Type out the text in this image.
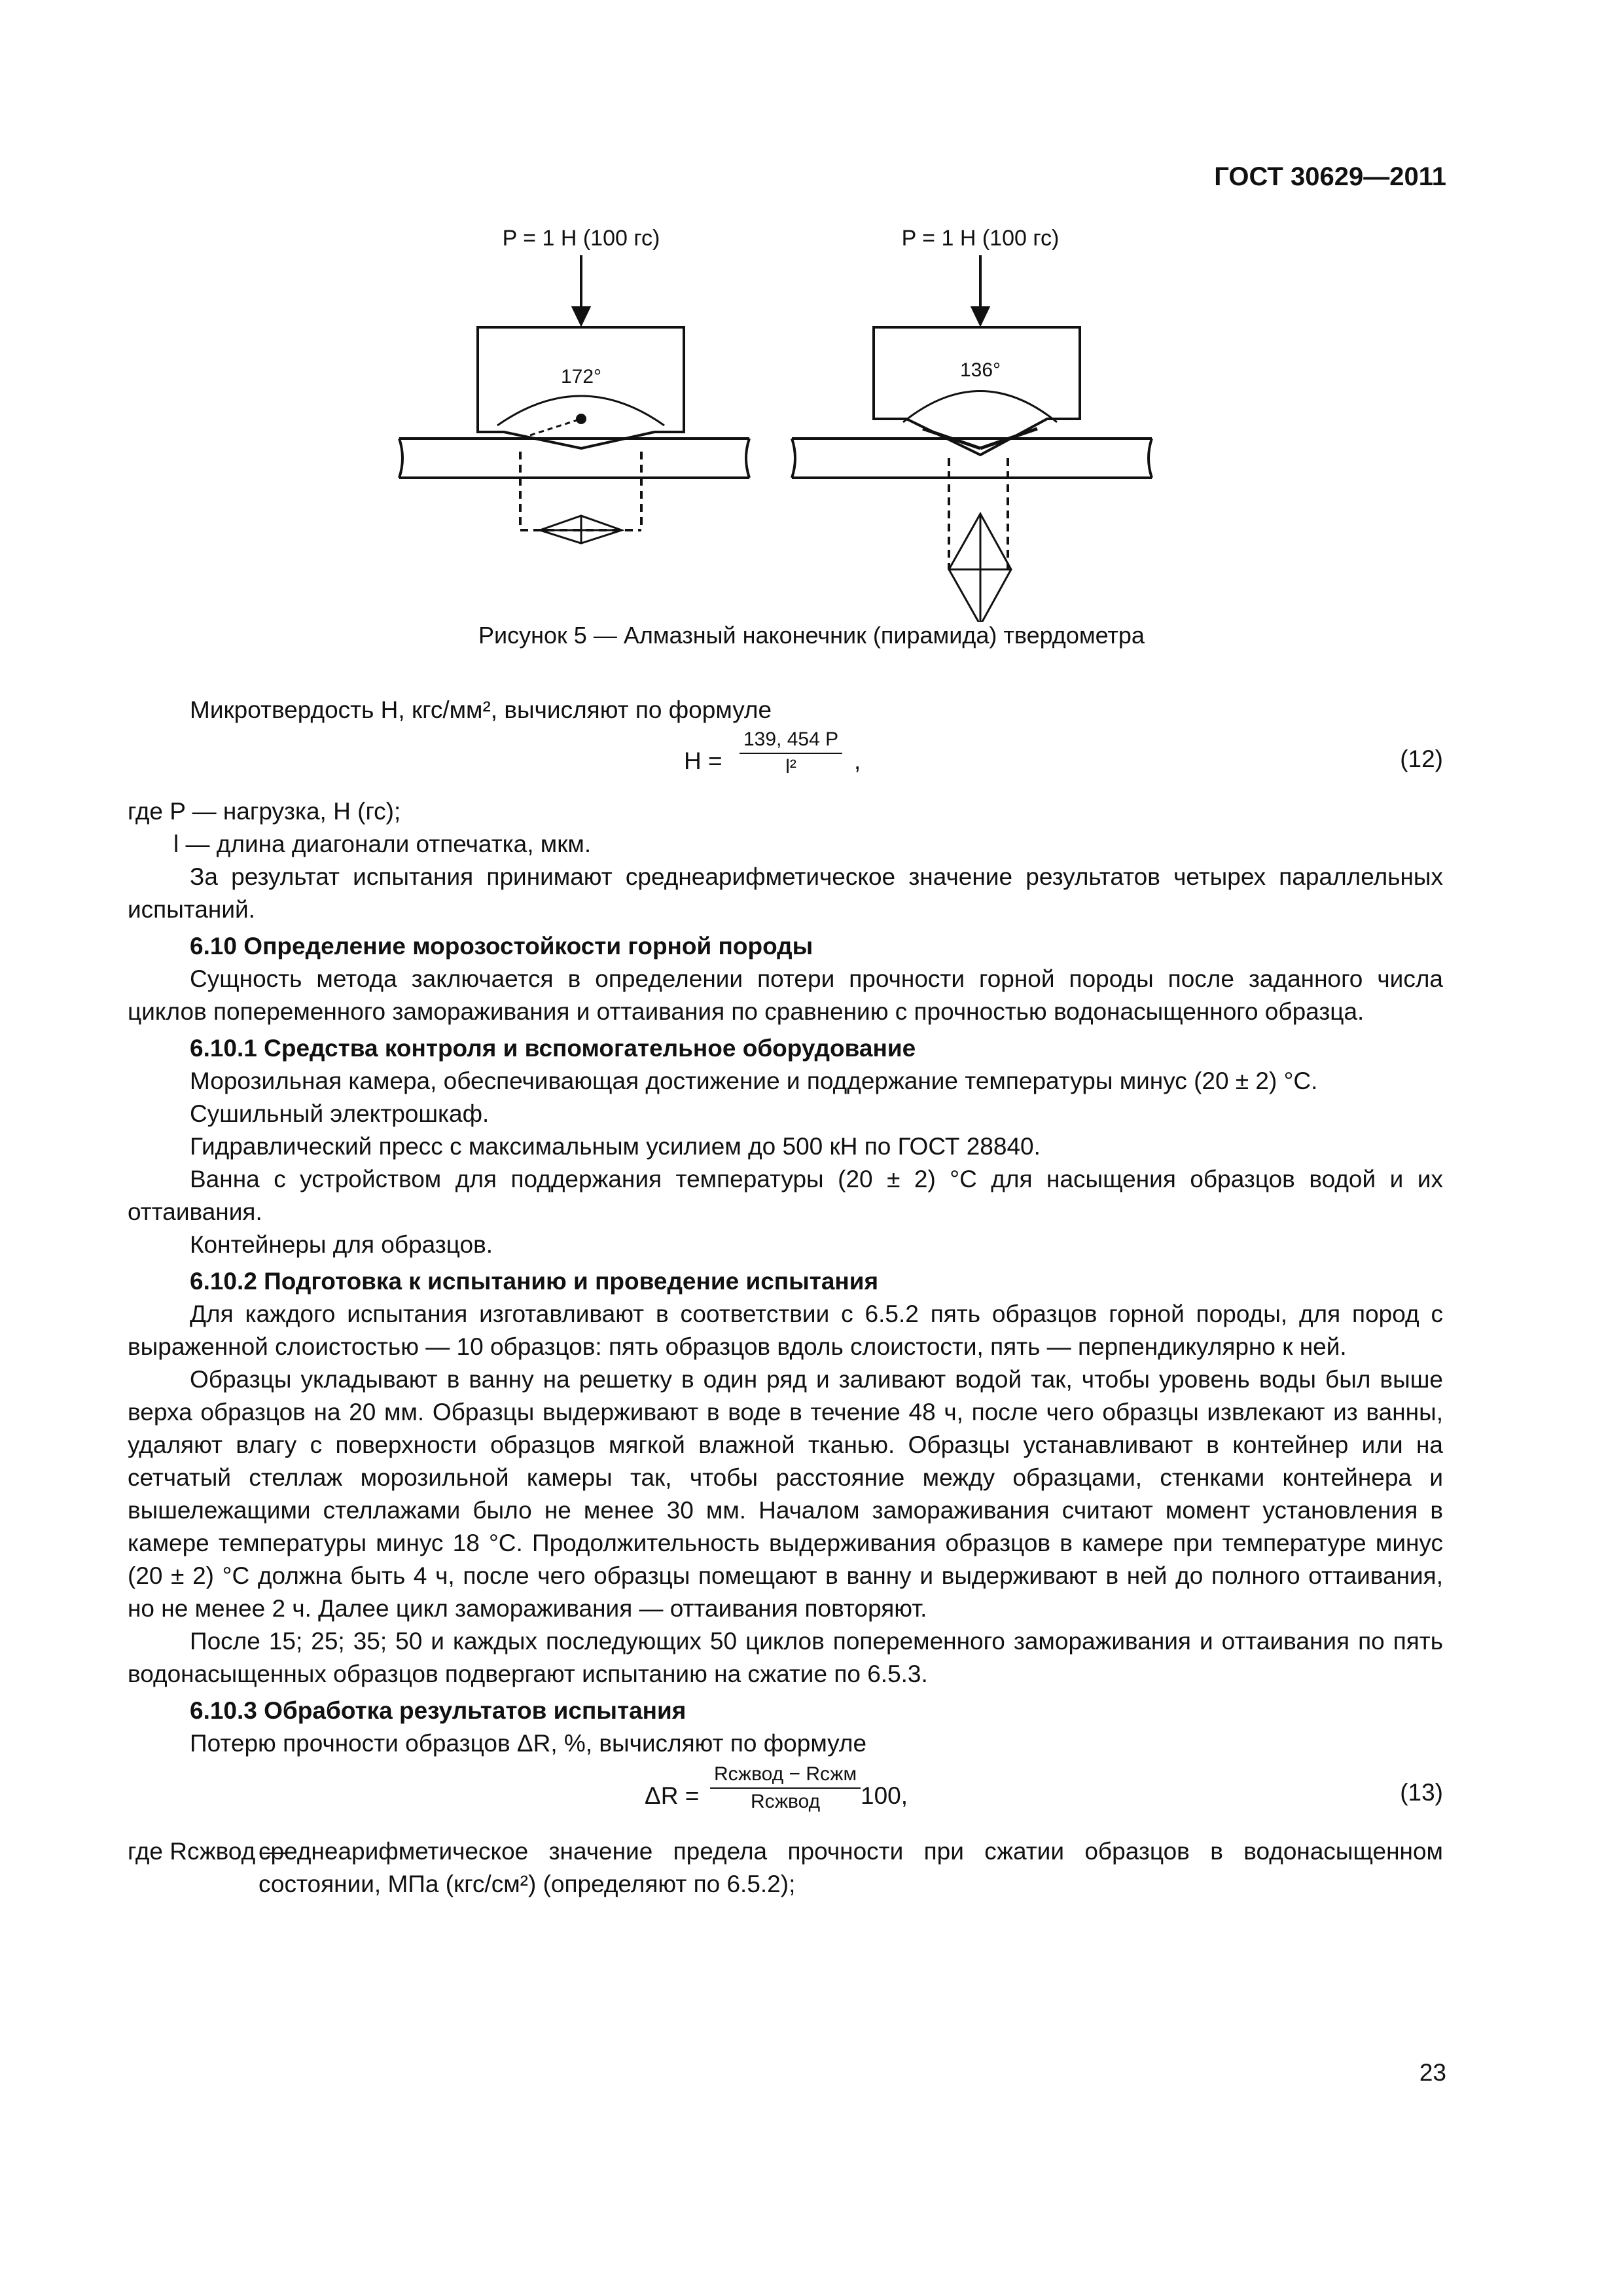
ГОСТ 30629—2011
P = 1 Н (100 гс)	P = 1 Н (100 гс)
172°	136°
Рисунок 5 — Алмазный наконечник (пирамида) твердометра

Микротвердость H, кгс/мм², вычисляют по формуле

$H = \frac{139, 454 P}{\text{l²}}$ ,	(12)

где P — нагрузка, Н (гс);

l — длина диагонали отпечатка, мкм.

За результат испытания принимают среднеарифметическое значение результатов четырех параллельных испытаний.

6.10 Определение морозостойкости горной породы

Сущность метода заключается в определении потери прочности горной породы после заданного числа циклов попеременного замораживания и оттаивания по сравнению с прочностью водонасыщенного образца.

6.10.1 Средства контроля и вспомогательное оборудование

Морозильная камера, обеспечивающая достижение и поддержание температуры минус (20 ± 2) °С.

Сушильный электрошкаф.

Гидравлический пресс с максимальным усилием до 500 кН по ГОСТ 28840.

Ванна с устройством для поддержания температуры (20 ± 2) °С для насыщения образцов водой и их оттаивания.

Контейнеры для образцов.

6.10.2 Подготовка к испытанию и проведение испытания

Для каждого испытания изготавливают в соответствии с 6.5.2 пять образцов горной породы, для пород с выраженной слоистостью — 10 образцов: пять образцов вдоль слоистости, пять — перпендикулярно к ней.

Образцы укладывают в ванну на решетку в один ряд и заливают водой так, чтобы уровень воды был выше верха образцов на 20 мм. Образцы выдерживают в воде в течение 48 ч, после чего образцы извлекают из ванны, удаляют влагу с поверхности образцов мягкой влажной тканью. Образцы устанавливают в контейнер или на сетчатый стеллаж морозильной камеры так, чтобы расстояние между образцами, стенками контейнера и вышележащими стеллажами было не менее 30 мм. Началом замораживания считают момент установления в камере температуры минус 18 °С. Продолжительность выдерживания образцов в камере при температуре минус (20 ± 2) °С должна быть 4 ч, после чего образцы помещают в ванну и выдерживают в ней до полного оттаивания, но не менее 2 ч. Далее цикл замораживания — оттаивания повторяют.

После 15; 25; 35; 50 и каждых последующих 50 циклов попеременного замораживания и оттаивания по пять водонасыщенных образцов подвергают испытанию на сжатие по 6.5.3.

6.10.3 Обработка результатов испытания

Потерю прочности образцов ΔR, %, вычисляют по формуле

ΔR =
Rсжвод − Rсжм
Rсжвод	100,	(13)
где Rсжвод —

среднеарифметическое значение предела прочности при сжатии образцов в водонасыщенном состоянии, МПа (кгс/см²) (определяют по 6.5.2);

23
